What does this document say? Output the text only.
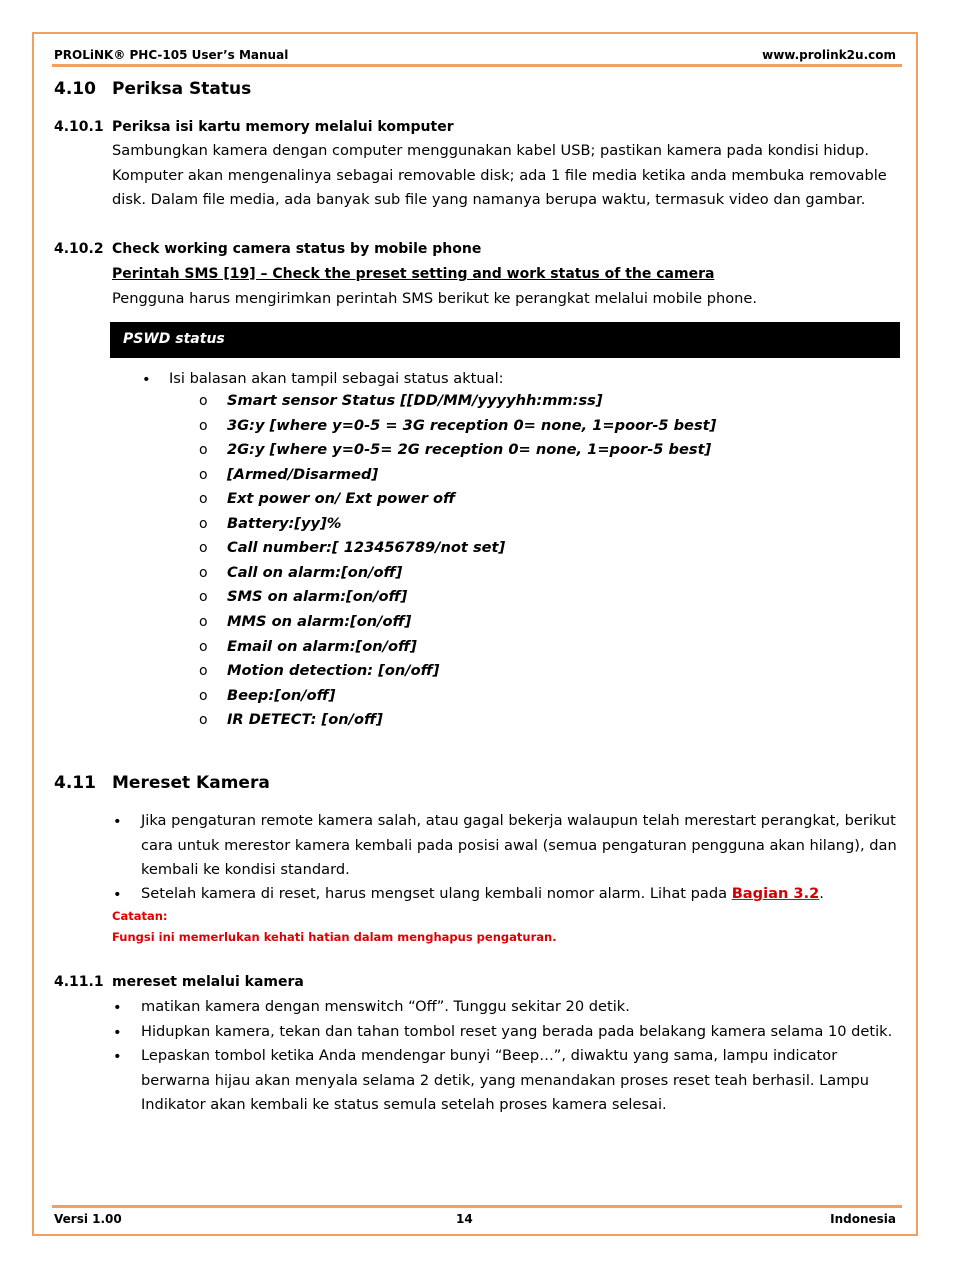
PROLiNK® PHC-105 User’s Manual	www.prolink2u.com
4.10 Periksa Status
4.10.1 Periksa isi kartu memory melalui komputer

Sambungkan kamera dengan computer menggunakan kabel USB; pastikan kamera pada kondisi hidup. Komputer akan mengenalinya sebagai removable disk; ada 1 file media ketika anda membuka removable disk. Dalam file media, ada banyak sub file yang namanya berupa waktu, termasuk video dan gambar.

4.10.2 Check working camera status by mobile phone
Perintah SMS [19] – Check the preset setting and work status of the camera

Pengguna harus mengirimkan perintah SMS berikut ke perangkat melalui mobile phone.

PSWD status
• Isi balasan akan tampil sebagai status aktual:
o Smart sensor Status [[DD/MM/yyyyhh:mm:ss]
o 3G:y [where y=0-5 = 3G reception 0= none, 1=poor-5 best]
o 2G:y [where y=0-5= 2G reception 0= none, 1=poor-5 best]
o [Armed/Disarmed]
o Ext power on/ Ext power off
o Battery:[yy]%
o Call number:[ 123456789/not set]
o Call on alarm:[on/off]
o SMS on alarm:[on/off]
o MMS on alarm:[on/off]
o Email on alarm:[on/off]
o Motion detection: [on/off]
o Beep:[on/off]
o IR DETECT: [on/off]
4.11 Mereset Kamera
• Jika pengaturan remote kamera salah, atau gagal bekerja walaupun telah merestart perangkat, berikut cara untuk merestor kamera kembali pada posisi awal (semua pengaturan pengguna akan hilang), dan kembali ke kondisi standard.
• Setelah kamera di reset, harus mengset ulang kembali nomor alarm. Lihat pada Bagian 3.2.
Catatan:
Fungsi ini memerlukan kehati hatian dalam menghapus pengaturan.
4.11.1 mereset melalui kamera
• matikan kamera dengan menswitch “Off”. Tunggu sekitar 20 detik.
• Hidupkan kamera, tekan dan tahan tombol reset yang berada pada belakang kamera selama 10 detik.
• Lepaskan tombol ketika Anda mendengar bunyi “Beep…”, diwaktu yang sama, lampu indicator berwarna hijau akan menyala selama 2 detik, yang menandakan proses reset teah berhasil. Lampu Indikator akan kembali ke status semula setelah proses kamera selesai.
Versi 1.00	14	Indonesia
